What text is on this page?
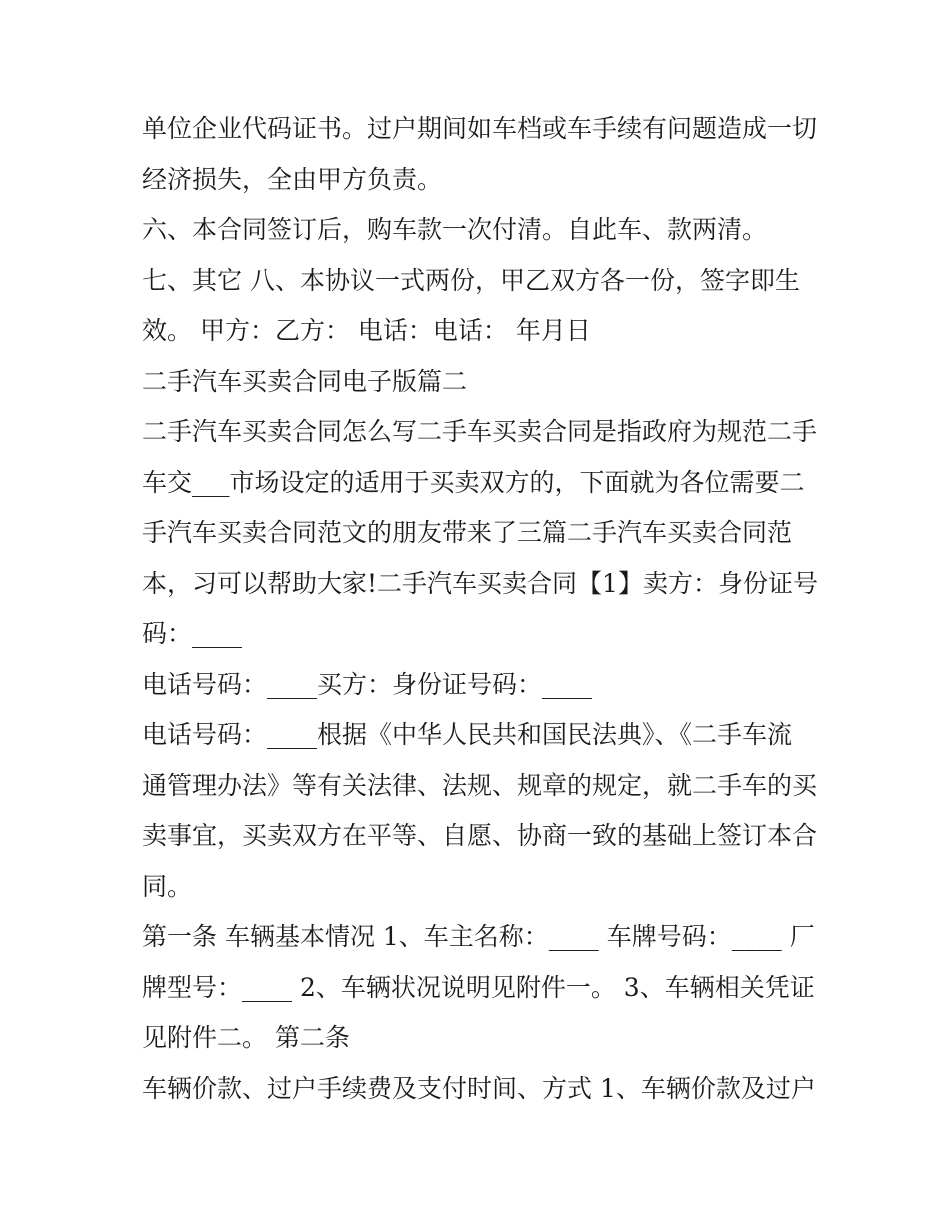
单位企业代码证书。过户期间如车档或车手续有问题造成一切
经济损失，全由甲方负责。
六、本合同签订后，购车款一次付清。自此车、款两清。
七、其它 八、本协议一式两份，甲乙双方各一份，签字即生
效。 甲方：乙方： 电话：电话： 年月日
二手汽车买卖合同电子版篇二
二手汽车买卖合同怎么写二手车买卖合同是指政府为规范二手
车交___市场设定的适用于买卖双方的，下面就为各位需要二
手汽车买卖合同范文的朋友带来了三篇二手汽车买卖合同范
本，习可以帮助大家!二手汽车买卖合同【1】卖方：身份证号
码：____
电话号码：____买方：身份证号码：____
电话号码：____根据《中华人民共和国民法典》、《二手车流
通管理办法》等有关法律、法规、规章的规定，就二手车的买
卖事宜，买卖双方在平等、自愿、协商一致的基础上签订本合
同。
第一条 车辆基本情况 1、车主名称：____ 车牌号码：____ 厂
牌型号：____ 2、车辆状况说明见附件一。 3、车辆相关凭证
见附件二。 第二条
车辆价款、过户手续费及支付时间、方式 1、车辆价款及过户
